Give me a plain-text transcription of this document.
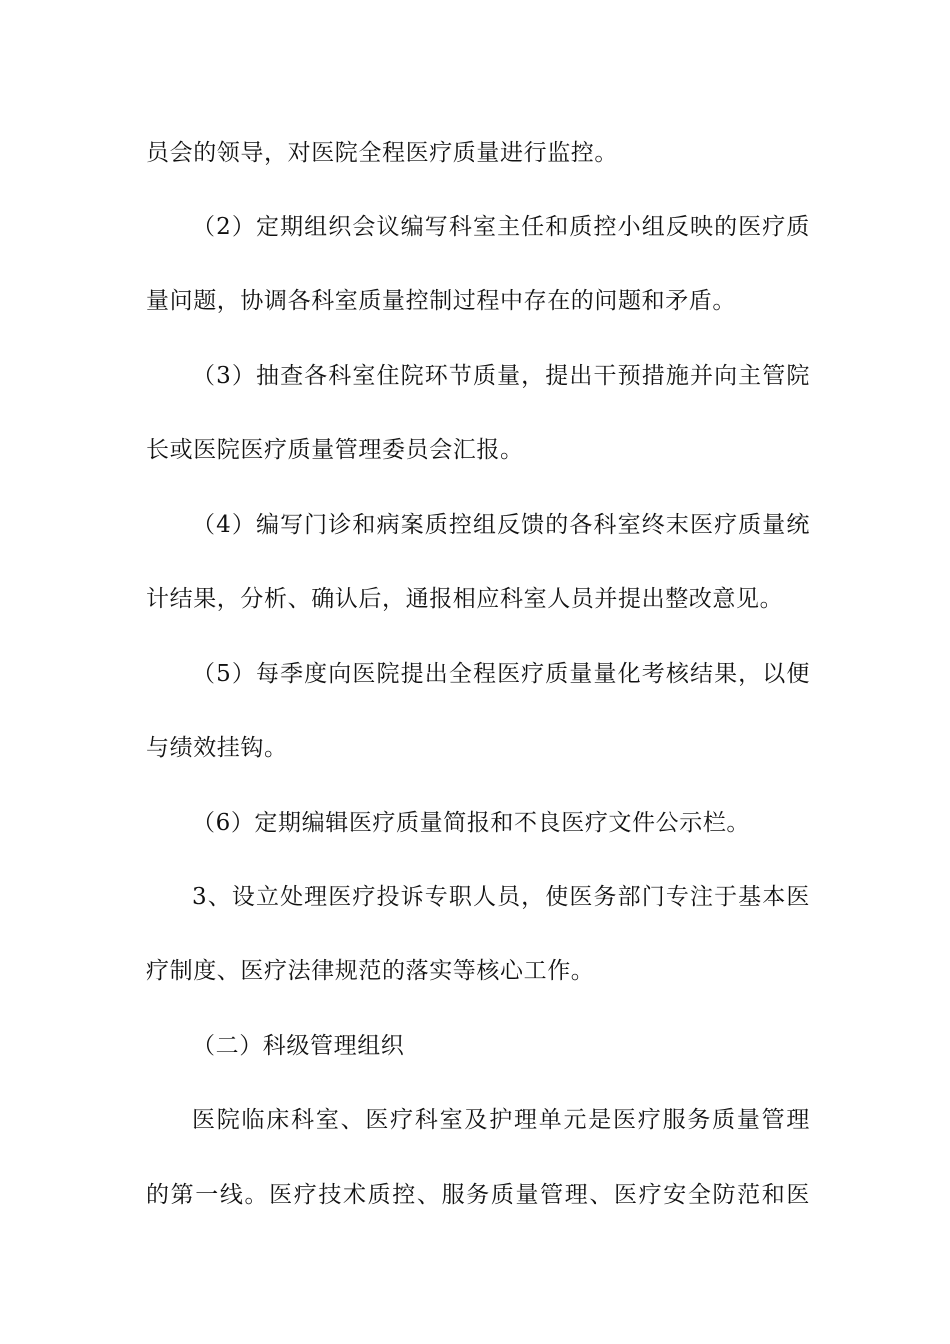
员会的领导，对医院全程医疗质量进行监控。
（2）定期组织会议编写科室主任和质控小组反映的医疗质
量问题，协调各科室质量控制过程中存在的问题和矛盾。
（3）抽查各科室住院环节质量，提出干预措施并向主管院
长或医院医疗质量管理委员会汇报。
（4）编写门诊和病案质控组反馈的各科室终末医疗质量统
计结果，分析、确认后，通报相应科室人员并提出整改意见。
（5）每季度向医院提出全程医疗质量量化考核结果，以便
与绩效挂钩。
（6）定期编辑医疗质量简报和不良医疗文件公示栏。
3、设立处理医疗投诉专职人员，使医务部门专注于基本医
疗制度、医疗法律规范的落实等核心工作。
（二）科级管理组织
医院临床科室、医疗科室及护理单元是医疗服务质量管理
的第一线。医疗技术质控、服务质量管理、医疗安全防范和医
